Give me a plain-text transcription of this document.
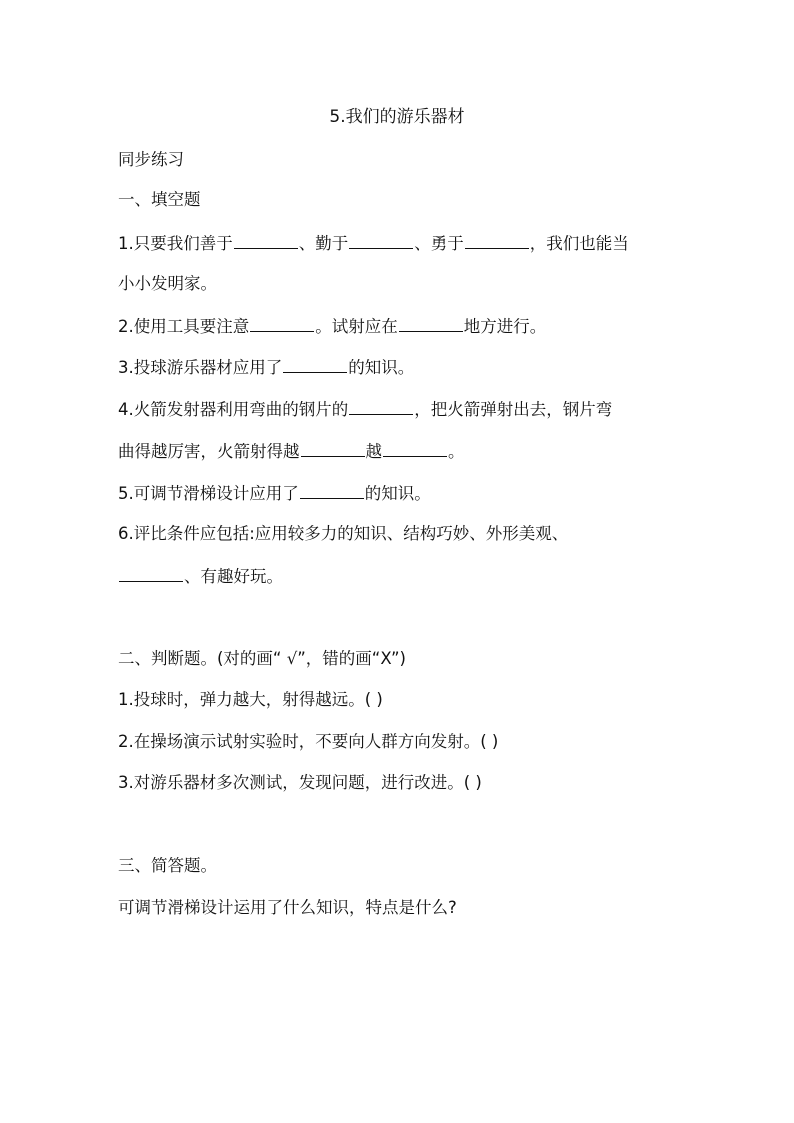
5.我们的游乐器材
同步练习
一、填空题
1.只要我们善于	、勤于	、勇于	，我们也能当
小小发明家。
2.使用工具要注意	。试射应在	地方进行。
3.投球游乐器材应用了	的知识。
4.火箭发射器利用弯曲的钢片的	，把火箭弹射出去，钢片弯
曲得越厉害，火箭射得越	越	。
5.可调节滑梯设计应用了	的知识。
6.评比条件应包括:应用较多力的知识、结构巧妙、外形美观、
、有趣好玩。
二、判断题。(对的画“ √”，错的画“X”)
1.投球时，弹力越大，射得越远。( )
2.在操场演示试射实验时，不要向人群方向发射。( )
3.对游乐器材多次测试，发现问题，进行改进。( )
三、简答题。
可调节滑梯设计运用了什么知识，特点是什么?
